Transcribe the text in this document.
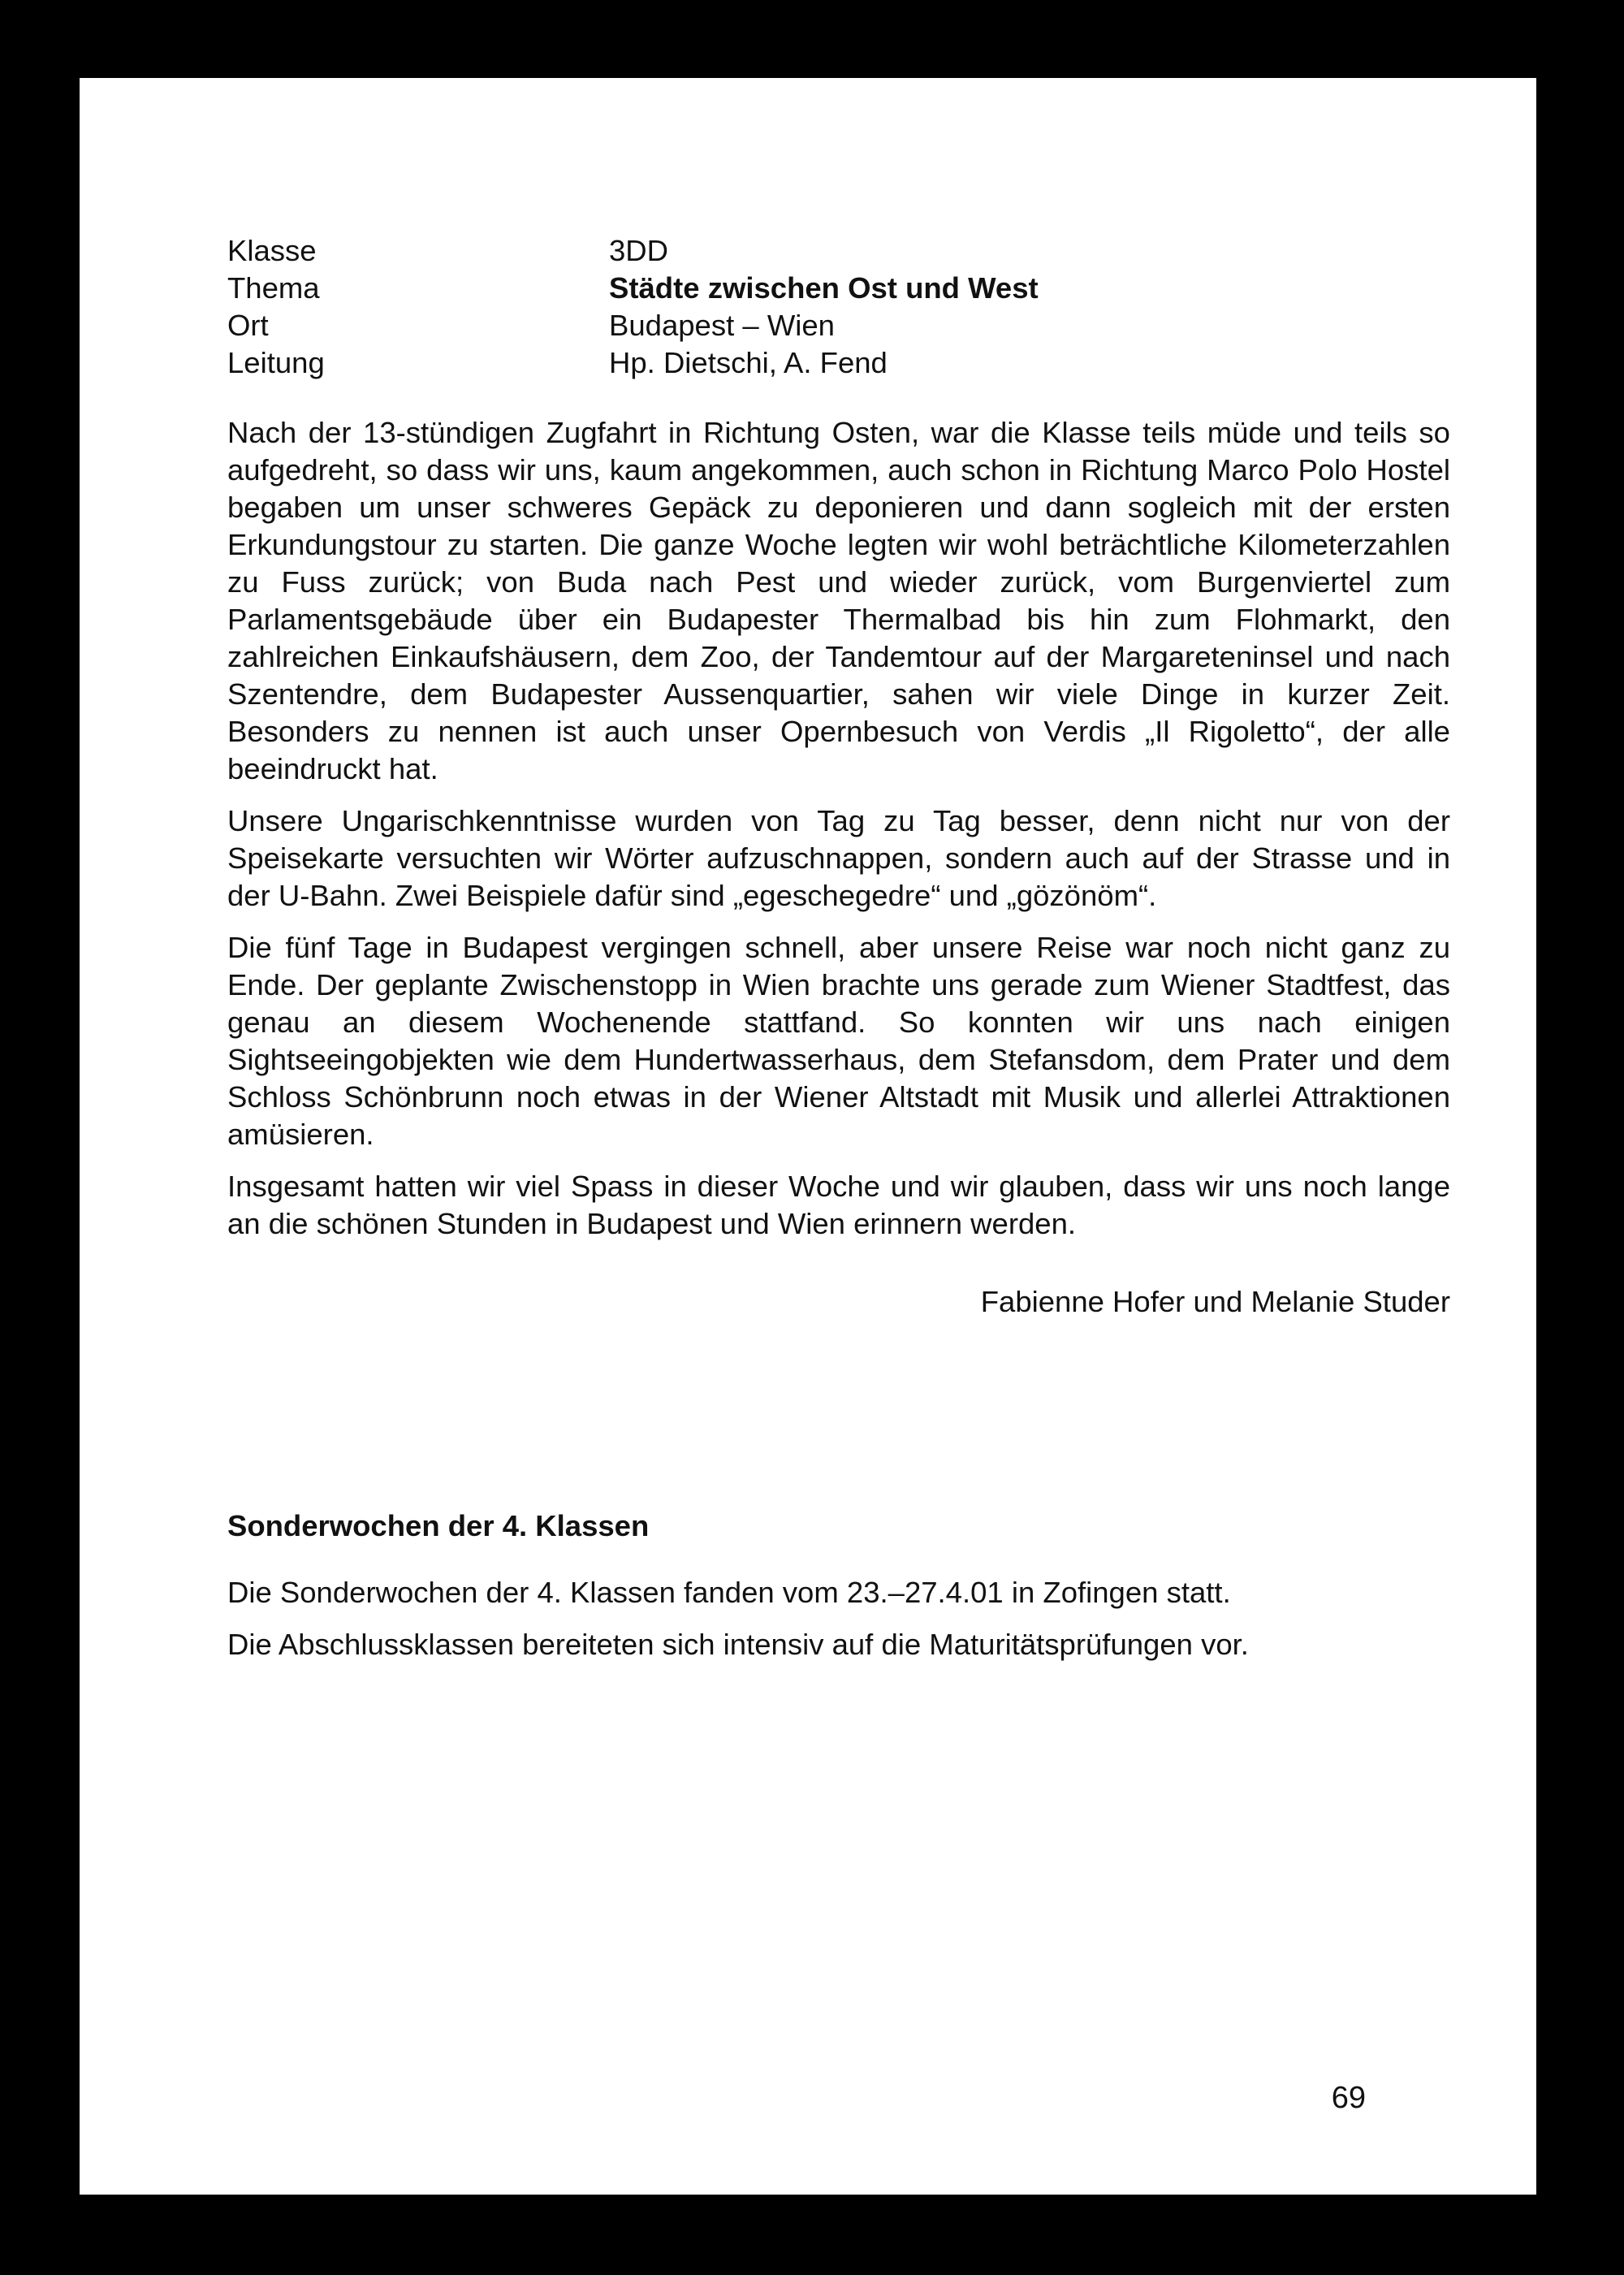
Klasse	3DD
Thema	Städte zwischen Ost und West
Ort	Budapest – Wien
Leitung	Hp. Dietschi, A. Fend

Nach der 13-stündigen Zugfahrt in Richtung Osten, war die Klasse teils müde und teils so aufgedreht, so dass wir uns, kaum angekommen, auch schon in Richtung Marco Polo Hostel begaben um unser schweres Gepäck zu deponieren und dann sogleich mit der ersten Erkundungstour zu starten. Die ganze Woche legten wir wohl beträchtliche Kilometerzahlen zu Fuss zurück; von Buda nach Pest und wieder zurück, vom Burgenviertel zum Parlamentsgebäude über ein Budapester Thermalbad bis hin zum Flohmarkt, den zahlreichen Einkaufshäusern, dem Zoo, der Tandemtour auf der Margareteninsel und nach Szentendre, dem Budapester Aussenquartier, sahen wir viele Dinge in kurzer Zeit. Besonders zu nennen ist auch unser Opernbesuch von Verdis „Il Rigoletto“, der alle beeindruckt hat.

Unsere Ungarischkenntnisse wurden von Tag zu Tag besser, denn nicht nur von der Speisekarte versuchten wir Wörter aufzuschnappen, sondern auch auf der Strasse und in der U-Bahn. Zwei Beispiele dafür sind „egeschegedre“ und „gözönöm“.

Die fünf Tage in Budapest vergingen schnell, aber unsere Reise war noch nicht ganz zu Ende. Der geplante Zwischenstopp in Wien brachte uns gerade zum Wiener Stadtfest, das genau an diesem Wochenende stattfand. So konnten wir uns nach einigen Sightseeingobjekten wie dem Hundertwasserhaus, dem Stefansdom, dem Prater und dem Schloss Schönbrunn noch etwas in der Wiener Altstadt mit Musik und allerlei Attraktionen amüsieren.

Insgesamt hatten wir viel Spass in dieser Woche und wir glauben, dass wir uns noch lange an die schönen Stunden in Budapest und Wien erinnern werden.

Fabienne Hofer und Melanie Studer
Sonderwochen der 4. Klassen

Die Sonderwochen der 4. Klassen fanden vom 23.–27.4.01 in Zofingen statt.

Die Abschlussklassen bereiteten sich intensiv auf die Maturitätsprüfungen vor.

69
